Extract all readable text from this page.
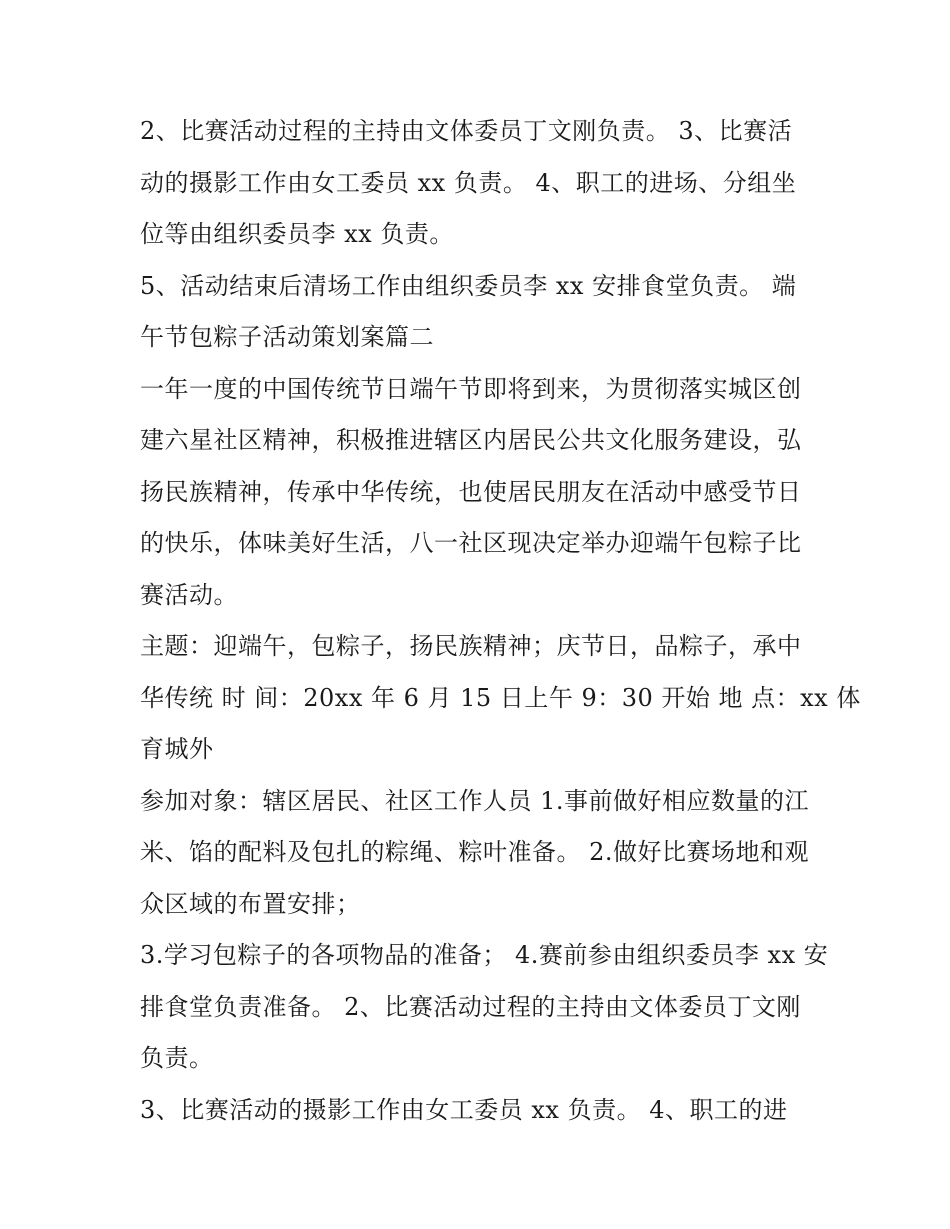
2、比赛活动过程的主持由文体委员丁文刚负责。 3、比赛活
动的摄影工作由女工委员 xx 负责。 4、职工的进场、分组坐
位等由组织委员李 xx 负责。
5、活动结束后清场工作由组织委员李 xx 安排食堂负责。 端
午节包粽子活动策划案篇二
一年一度的中国传统节日端午节即将到来，为贯彻落实城区创
建六星社区精神，积极推进辖区内居民公共文化服务建设，弘
扬民族精神，传承中华传统，也使居民朋友在活动中感受节日
的快乐，体味美好生活，八一社区现决定举办迎端午包粽子比
赛活动。
主题：迎端午，包粽子，扬民族精神；庆节日，品粽子，承中
华传统 时 间：20xx 年 6 月 15 日上午 9：30 开始 地 点：xx 体
育城外
参加对象：辖区居民、社区工作人员 1.事前做好相应数量的江
米、馅的配料及包扎的粽绳、粽叶准备。 2.做好比赛场地和观
众区域的布置安排；
3.学习包粽子的各项物品的准备； 4.赛前参由组织委员李 xx 安
排食堂负责准备。 2、比赛活动过程的主持由文体委员丁文刚
负责。
3、比赛活动的摄影工作由女工委员 xx 负责。 4、职工的进
